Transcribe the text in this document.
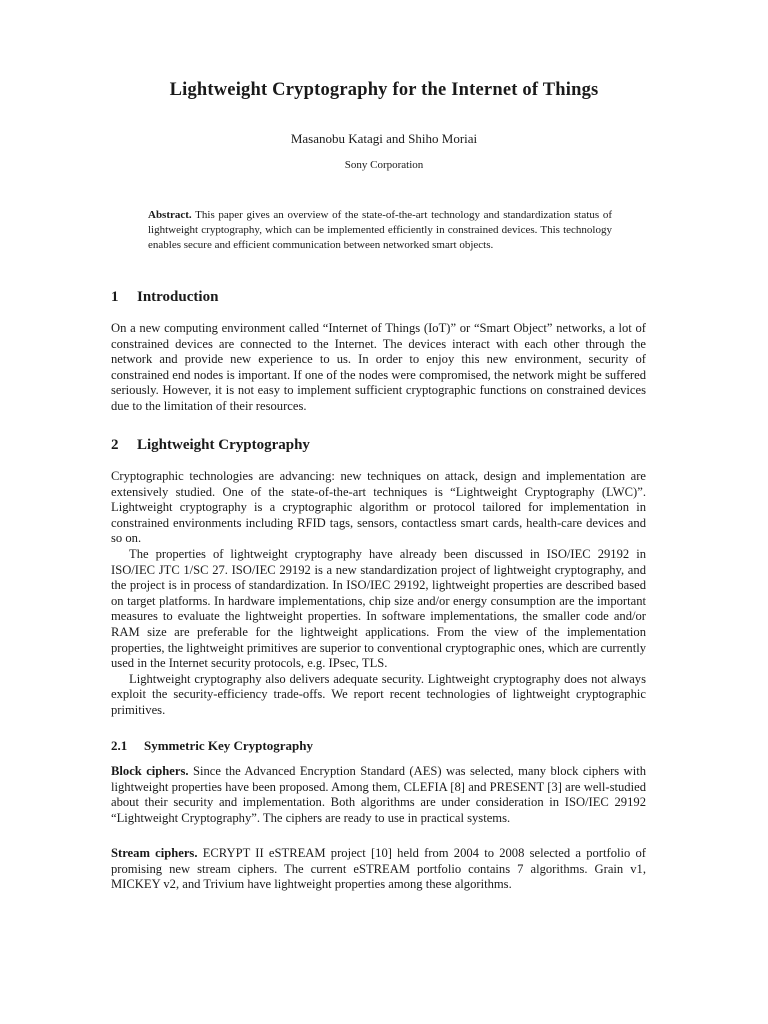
Lightweight Cryptography for the Internet of Things
Masanobu Katagi and Shiho Moriai
Sony Corporation
Abstract. This paper gives an overview of the state-of-the-art technology and standardization status of lightweight cryptography, which can be implemented efficiently in constrained devices. This technology enables secure and efficient communication between networked smart objects.
1 Introduction

On a new computing environment called “Internet of Things (IoT)” or “Smart Object” networks, a lot of constrained devices are connected to the Internet. The devices interact with each other through the network and provide new experience to us. In order to enjoy this new environment, security of constrained end nodes is important. If one of the nodes were compromised, the network might be suffered seriously. However, it is not easy to implement sufficient cryptographic functions on constrained devices due to the limitation of their resources.

2 Lightweight Cryptography

Cryptographic technologies are advancing: new techniques on attack, design and implementation are extensively studied. One of the state-of-the-art techniques is “Lightweight Cryptography (LWC)”. Lightweight cryptography is a cryptographic algorithm or protocol tailored for implementation in constrained environments including RFID tags, sensors, contactless smart cards, health-care devices and so on.

The properties of lightweight cryptography have already been discussed in ISO/IEC 29192 in ISO/IEC JTC 1/SC 27. ISO/IEC 29192 is a new standardization project of lightweight cryptography, and the project is in process of standardization. In ISO/IEC 29192, lightweight properties are described based on target platforms. In hardware implementations, chip size and/or energy consumption are the important measures to evaluate the lightweight properties. In software implementations, the smaller code and/or RAM size are preferable for the lightweight applications. From the view of the implementation properties, the lightweight primitives are superior to conventional cryptographic ones, which are currently used in the Internet security protocols, e.g. IPsec, TLS.

Lightweight cryptography also delivers adequate security. Lightweight cryptography does not always exploit the security-efficiency trade-offs. We report recent technologies of lightweight cryptographic primitives.

2.1 Symmetric Key Cryptography

Block ciphers. Since the Advanced Encryption Standard (AES) was selected, many block ciphers with lightweight properties have been proposed. Among them, CLEFIA [8] and PRESENT [3] are well-studied about their security and implementation. Both algorithms are under consideration in ISO/IEC 29192 “Lightweight Cryptography”. The ciphers are ready to use in practical systems.

Stream ciphers. ECRYPT II eSTREAM project [10] held from 2004 to 2008 selected a portfolio of promising new stream ciphers. The current eSTREAM portfolio contains 7 algorithms. Grain v1, MICKEY v2, and Trivium have lightweight properties among these algorithms.
